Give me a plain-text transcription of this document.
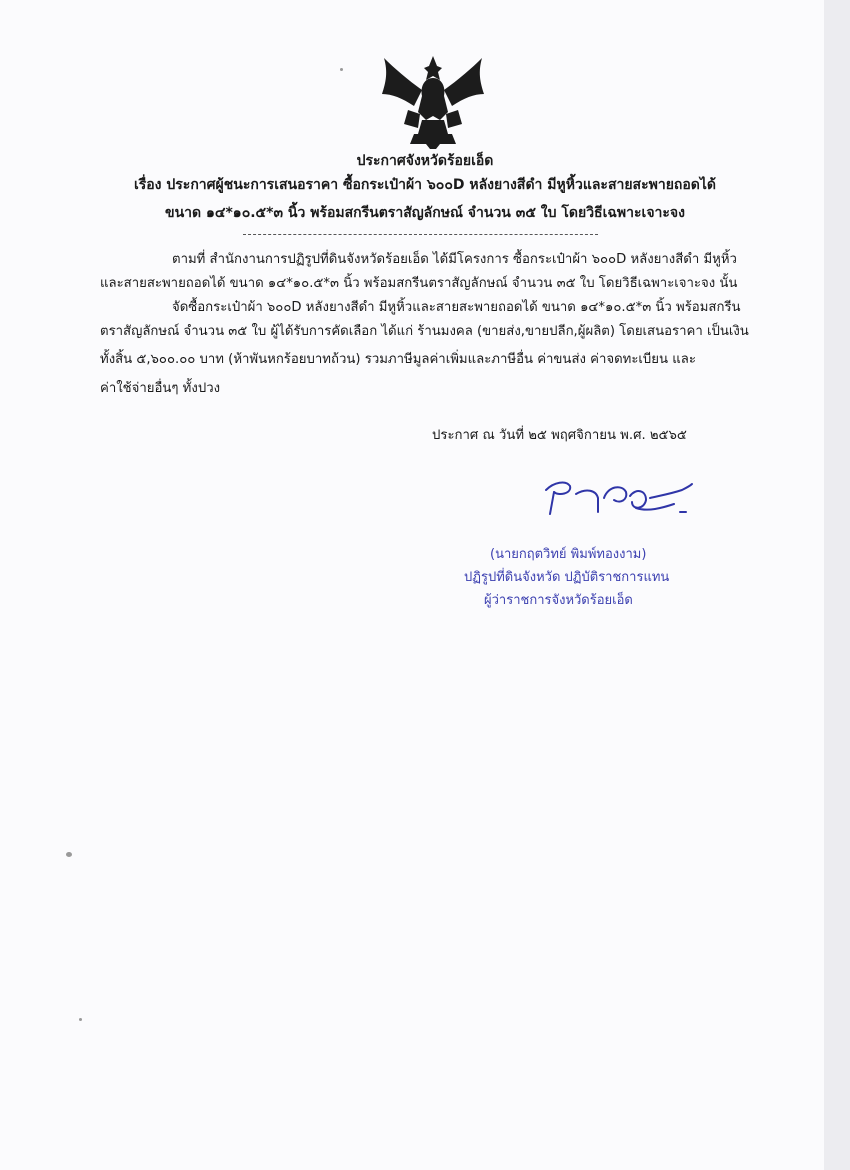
ประกาศจังหวัดร้อยเอ็ด
เรื่อง ประกาศผู้ชนะการเสนอราคา ซื้อกระเป๋าผ้า ๖๐๐D หลังยางสีดำ มีหูหิ้วและสายสะพายถอดได้
ขนาด ๑๔*๑๐.๕*๓ นิ้ว พร้อมสกรีนตราสัญลักษณ์ จำนวน ๓๕ ใบ โดยวิธีเฉพาะเจาะจง
ตามที่ สำนักงานการปฏิรูปที่ดินจังหวัดร้อยเอ็ด ได้มีโครงการ ซื้อกระเป๋าผ้า ๖๐๐D หลังยางสีดำ มีหูหิ้ว
และสายสะพายถอดได้ ขนาด ๑๔*๑๐.๕*๓ นิ้ว พร้อมสกรีนตราสัญลักษณ์ จำนวน ๓๕ ใบ โดยวิธีเฉพาะเจาะจง นั้น
จัดซื้อกระเป๋าผ้า ๖๐๐D หลังยางสีดำ มีหูหิ้วและสายสะพายถอดได้ ขนาด ๑๔*๑๐.๕*๓ นิ้ว พร้อมสกรีน
ตราสัญลักษณ์ จำนวน ๓๕ ใบ ผู้ได้รับการคัดเลือก ได้แก่ ร้านมงคล (ขายส่ง,ขายปลีก,ผู้ผลิต) โดยเสนอราคา เป็นเงิน
ทั้งสิ้น ๕,๖๐๐.๐๐ บาท (ห้าพันหกร้อยบาทถ้วน) รวมภาษีมูลค่าเพิ่มและภาษีอื่น ค่าขนส่ง ค่าจดทะเบียน และ
ค่าใช้จ่ายอื่นๆ ทั้งปวง
ประกาศ ณ วันที่ ๒๕ พฤศจิกายน พ.ศ. ๒๕๖๕
(นายกฤตวิทย์ พิมพ์ทองงาม)
ปฏิรูปที่ดินจังหวัด ปฏิบัติราชการแทน
ผู้ว่าราชการจังหวัดร้อยเอ็ด
